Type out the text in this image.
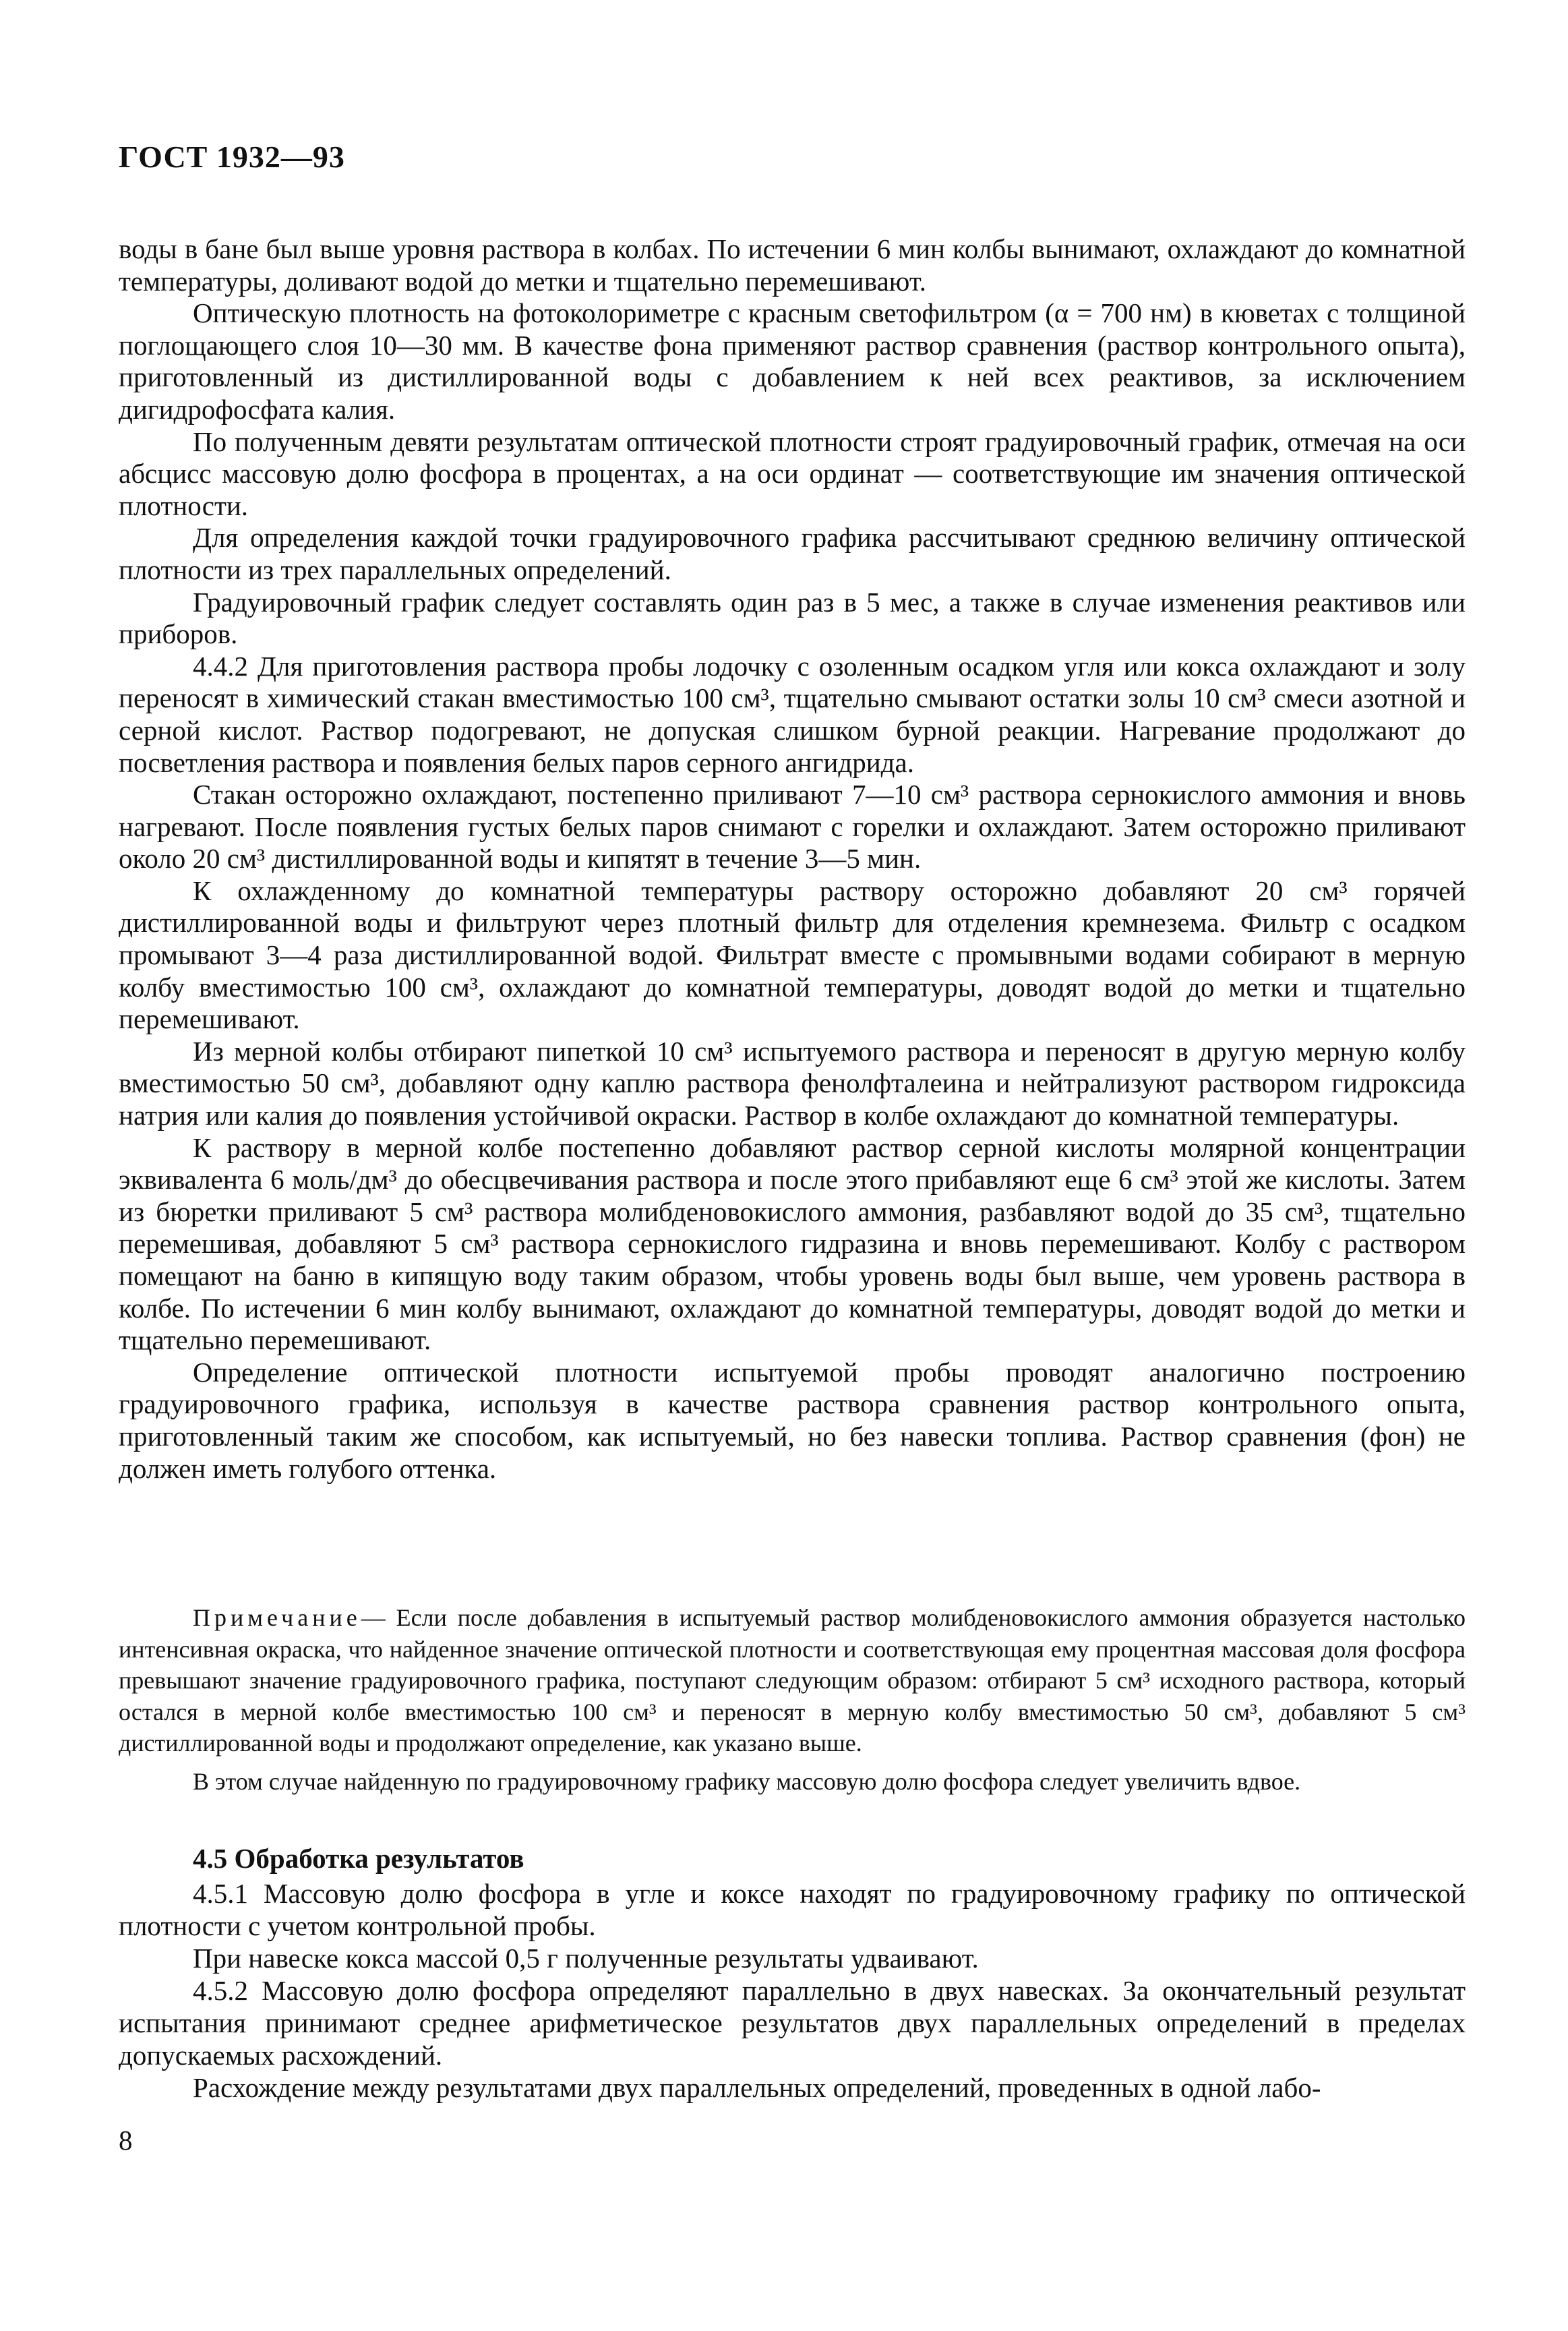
ГОСТ 1932—93

воды в бане был выше уровня раствора в колбах. По истечении 6 мин колбы вынимают, охлаждают до комнатной температуры, доливают водой до метки и тщательно перемешивают.

Оптическую плотность на фотоколориметре с красным светофильтром (α = 700 нм) в кюветах с толщиной поглощающего слоя 10—30 мм. В качестве фона применяют раствор сравнения (раствор контрольного опыта), приготовленный из дистиллированной воды с добавлением к ней всех реактивов, за исключением дигидрофосфата калия.

По полученным девяти результатам оптической плотности строят градуировочный график, отмечая на оси абсцисс массовую долю фосфора в процентах, а на оси ординат — соответствующие им значения оптической плотности.

Для определения каждой точки градуировочного графика рассчитывают среднюю величину оптической плотности из трех параллельных определений.

Градуировочный график следует составлять один раз в 5 мес, а также в случае изменения реактивов или приборов.

4.4.2 Для приготовления раствора пробы лодочку с озоленным осадком угля или кокса охлаждают и золу переносят в химический стакан вместимостью 100 см³, тщательно смывают остатки золы 10 см³ смеси азотной и серной кислот. Раствор подогревают, не допуская слишком бурной реакции. Нагревание продолжают до посветления раствора и появления белых паров серного ангидрида.

Стакан осторожно охлаждают, постепенно приливают 7—10 см³ раствора сернокислого аммония и вновь нагревают. После появления густых белых паров снимают с горелки и охлаждают. Затем осторожно приливают около 20 см³ дистиллированной воды и кипятят в течение 3—5 мин.

К охлажденному до комнатной температуры раствору осторожно добавляют 20 см³ горячей дистиллированной воды и фильтруют через плотный фильтр для отделения кремнезема. Фильтр с осадком промывают 3—4 раза дистиллированной водой. Фильтрат вместе с промывными водами собирают в мерную колбу вместимостью 100 см³, охлаждают до комнатной температуры, доводят водой до метки и тщательно перемешивают.

Из мерной колбы отбирают пипеткой 10 см³ испытуемого раствора и переносят в другую мерную колбу вместимостью 50 см³, добавляют одну каплю раствора фенолфталеина и нейтрализуют раствором гидроксида натрия или калия до появления устойчивой окраски. Раствор в колбе охлаждают до комнатной температуры.

К раствору в мерной колбе постепенно добавляют раствор серной кислоты молярной концентрации эквивалента 6 моль/дм³ до обесцвечивания раствора и после этого прибавляют еще 6 см³ этой же кислоты. Затем из бюретки приливают 5 см³ раствора молибденовокислого аммония, разбавляют водой до 35 см³, тщательно перемешивая, добавляют 5 см³ раствора сернокислого гидразина и вновь перемешивают. Колбу с раствором помещают на баню в кипящую воду таким образом, чтобы уровень воды был выше, чем уровень раствора в колбе. По истечении 6 мин колбу вынимают, охлаждают до комнатной температуры, доводят водой до метки и тщательно перемешивают.

Определение оптической плотности испытуемой пробы проводят аналогично построению градуировочного графика, используя в качестве раствора сравнения раствор контрольного опыта, приготовленный таким же способом, как испытуемый, но без навески топлива. Раствор сравнения (фон) не должен иметь голубого оттенка.

Примечание— Если после добавления в испытуемый раствор молибденовокислого аммония образуется настолько интенсивная окраска, что найденное значение оптической плотности и соответствующая ему процентная массовая доля фосфора превышают значение градуировочного графика, поступают следующим образом: отбирают 5 см³ исходного раствора, который остался в мерной колбе вместимостью 100 см³ и переносят в мерную колбу вместимостью 50 см³, добавляют 5 см³ дистиллированной воды и продолжают определение, как указано выше.

В этом случае найденную по градуировочному графику массовую долю фосфора следует увеличить вдвое.

4.5 Обработка результатов

4.5.1 Массовую долю фосфора в угле и коксе находят по градуировочному графику по оптической плотности с учетом контрольной пробы.

При навеске кокса массой 0,5 г полученные результаты удваивают.

4.5.2 Массовую долю фосфора определяют параллельно в двух навесках. За окончательный результат испытания принимают среднее арифметическое результатов двух параллельных определений в пределах допускаемых расхождений.

Расхождение между результатами двух параллельных определений, проведенных в одной лабо-

8
